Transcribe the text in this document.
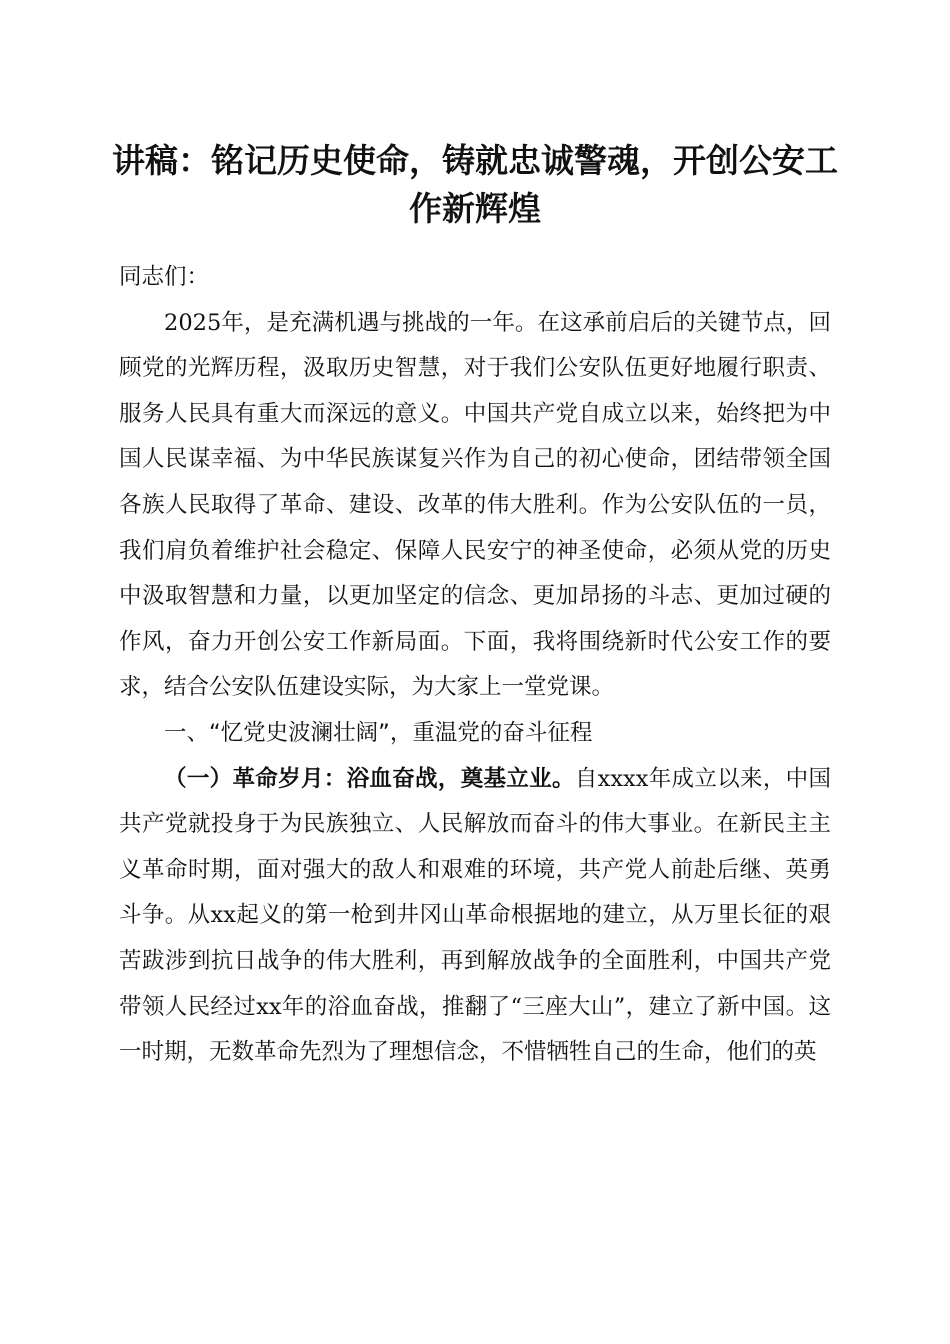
讲稿：铭记历史使命，铸就忠诚警魂，开创公安工作新辉煌

同志们：

2025年，是充满机遇与挑战的一年。在这承前启后的关键节点，回顾党的光辉历程，汲取历史智慧，对于我们公安队伍更好地履行职责、服务人民具有重大而深远的意义。中国共产党自成立以来，始终把为中国人民谋幸福、为中华民族谋复兴作为自己的初心使命，团结带领全国各族人民取得了革命、建设、改革的伟大胜利。作为公安队伍的一员，我们肩负着维护社会稳定、保障人民安宁的神圣使命，必须从党的历史中汲取智慧和力量，以更加坚定的信念、更加昂扬的斗志、更加过硬的作风，奋力开创公安工作新局面。下面，我将围绕新时代公安工作的要求，结合公安队伍建设实际，为大家上一堂党课。

一、“忆党史波澜壮阔”，重温党的奋斗征程

（一）革命岁月：浴血奋战，奠基立业。自xxxx年成立以来，中国共产党就投身于为民族独立、人民解放而奋斗的伟大事业。在新民主主义革命时期，面对强大的敌人和艰难的环境，共产党人前赴后继、英勇斗争。从xx起义的第一枪到井冈山革命根据地的建立，从万里长征的艰苦跋涉到抗日战争的伟大胜利，再到解放战争的全面胜利，中国共产党带领人民经过xx年的浴血奋战，推翻了“三座大山”，建立了新中国。这一时期，无数革命先烈为了理想信念，不惜牺牲自己的生命，他们的英
